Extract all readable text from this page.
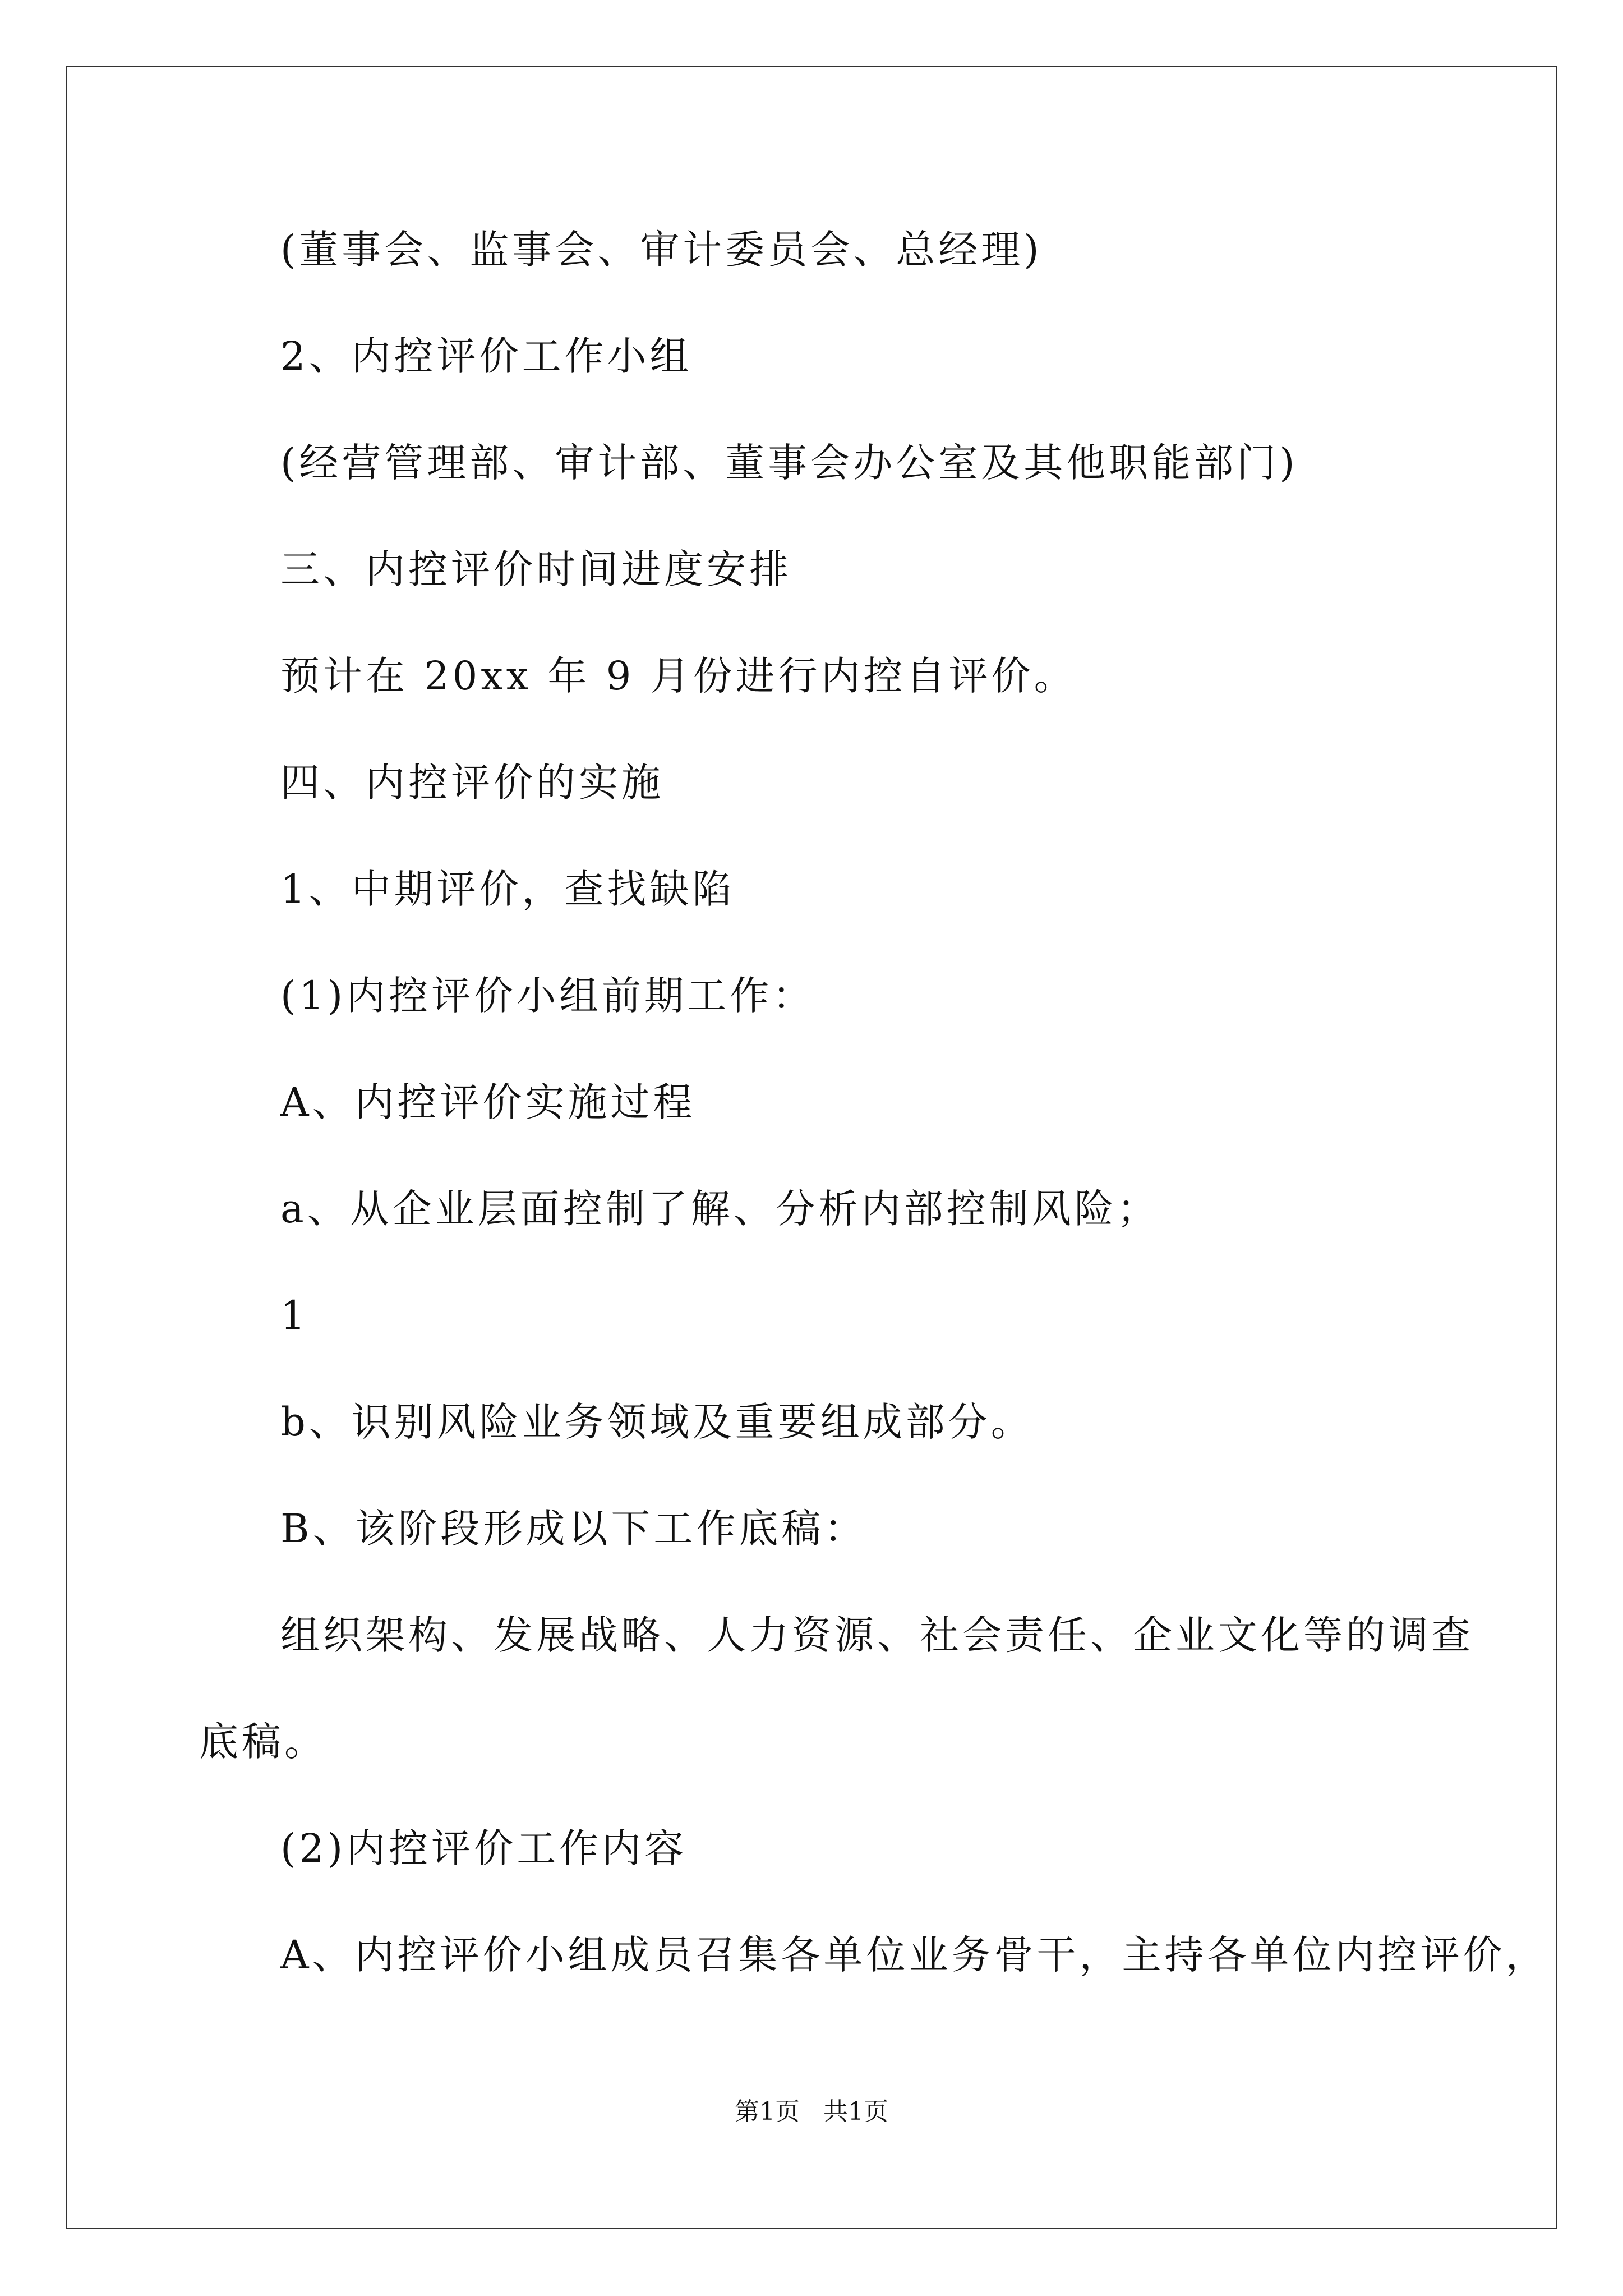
(董事会、监事会、审计委员会、总经理)
2、内控评价工作小组
(经营管理部、审计部、董事会办公室及其他职能部门)
三、内控评价时间进度安排
预计在 20xx 年 9 月份进行内控自评价。
四、内控评价的实施
1、中期评价，查找缺陷
(1)内控评价小组前期工作：
A、内控评价实施过程
a、从企业层面控制了解、分析内部控制风险；
1
b、识别风险业务领域及重要组成部分。
B、该阶段形成以下工作底稿：
组织架构、发展战略、人力资源、社会责任、企业文化等的调查
底稿。
(2)内控评价工作内容
A、内控评价小组成员召集各单位业务骨干，主持各单位内控评价，
第1页   共1页
